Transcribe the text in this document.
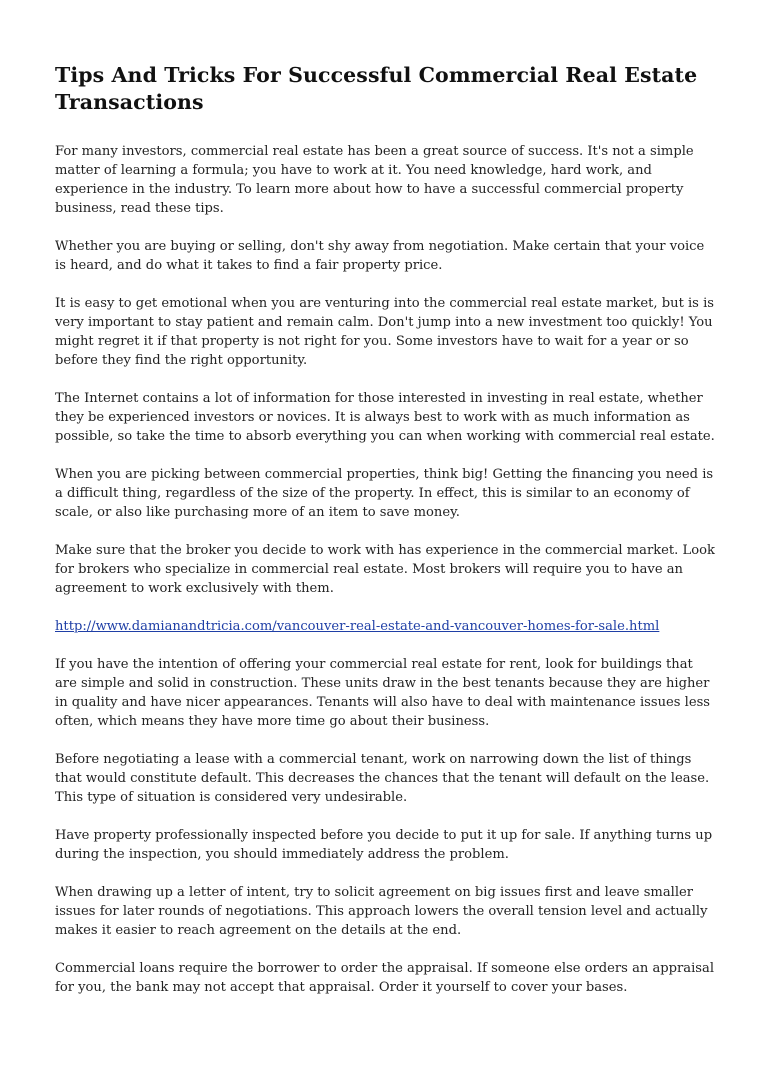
Tips And Tricks For Successful Commercial Real Estate Transactions

For many investors, commercial real estate has been a great source of success. It's not a simple matter of learning a formula; you have to work at it. You need knowledge, hard work, and experience in the industry. To learn more about how to have a successful commercial property business, read these tips.

Whether you are buying or selling, don't shy away from negotiation. Make certain that your voice is heard, and do what it takes to find a fair property price.

It is easy to get emotional when you are venturing into the commercial real estate market, but is is very important to stay patient and remain calm. Don't jump into a new investment too quickly! You might regret it if that property is not right for you. Some investors have to wait for a year or so before they find the right opportunity.

The Internet contains a lot of information for those interested in investing in real estate, whether they be experienced investors or novices. It is always best to work with as much information as possible, so take the time to absorb everything you can when working with commercial real estate.

When you are picking between commercial properties, think big! Getting the financing you need is a difficult thing, regardless of the size of the property. In effect, this is similar to an economy of scale, or also like purchasing more of an item to save money.

Make sure that the broker you decide to work with has experience in the commercial market. Look for brokers who specialize in commercial real estate. Most brokers will require you to have an agreement to work exclusively with them.

http://www.damianandtricia.com/vancouver-real-estate-and-vancouver-homes-for-sale.html

If you have the intention of offering your commercial real estate for rent, look for buildings that are simple and solid in construction. These units draw in the best tenants because they are higher in quality and have nicer appearances. Tenants will also have to deal with maintenance issues less often, which means they have more time go about their business.

Before negotiating a lease with a commercial tenant, work on narrowing down the list of things that would constitute default. This decreases the chances that the tenant will default on the lease. This type of situation is considered very undesirable.

Have property professionally inspected before you decide to put it up for sale. If anything turns up during the inspection, you should immediately address the problem.

When drawing up a letter of intent, try to solicit agreement on big issues first and leave smaller issues for later rounds of negotiations. This approach lowers the overall tension level and actually makes it easier to reach agreement on the details at the end.

Commercial loans require the borrower to order the appraisal. If someone else orders an appraisal for you, the bank may not accept that appraisal. Order it yourself to cover your bases.
